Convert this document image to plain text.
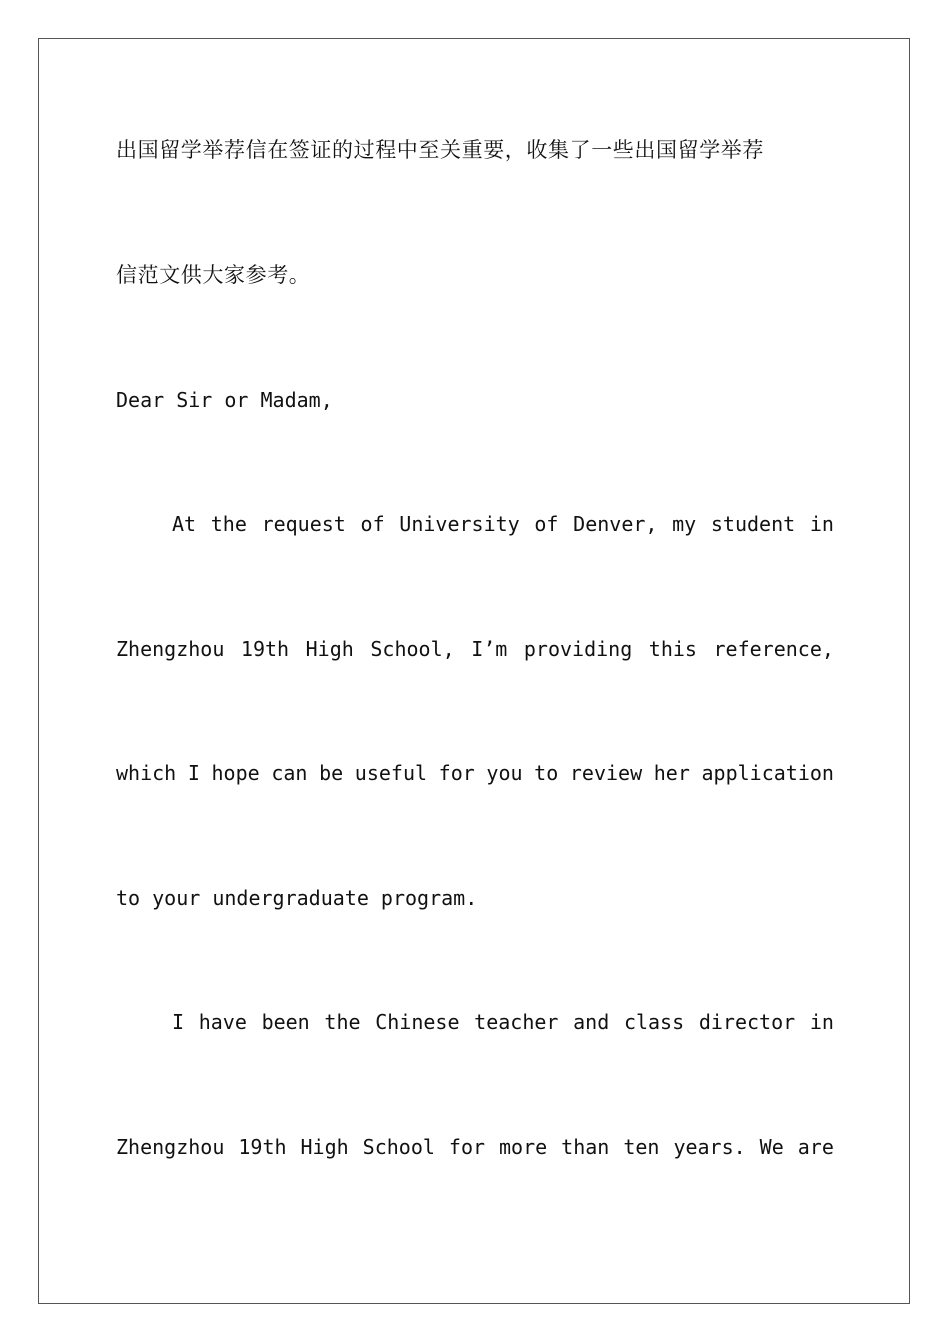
出国留学举荐信在签证的过程中至关重要，收集了一些出国留学举荐
信范文供大家参考。
Dear Sir or Madam,
At the request of University of Denver, my student in
Zhengzhou 19th High School, I’m providing this reference,
which I hope can be useful for you to review her application
to your undergraduate program.
I have been the Chinese teacher and class director in
Zhengzhou 19th High School for more than ten years. We are
